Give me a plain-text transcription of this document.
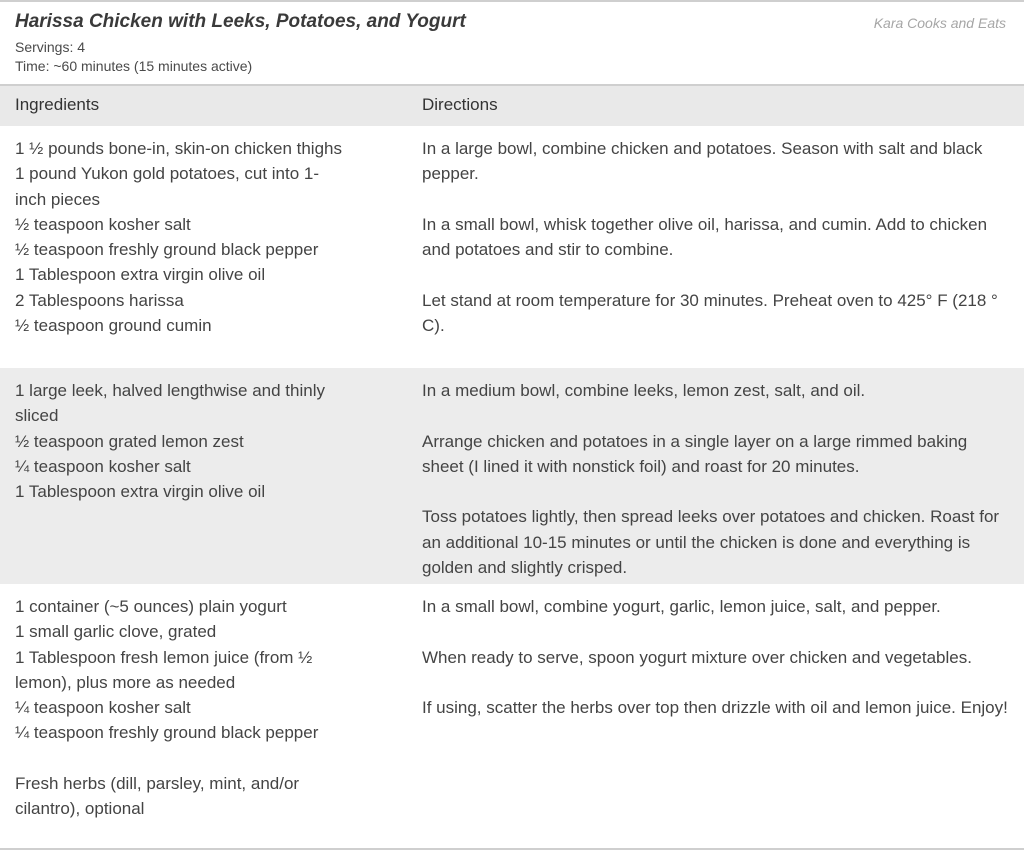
Harissa Chicken with Leeks, Potatoes, and Yogurt	Kara Cooks and Eats
Servings: 4
Time: ~60 minutes (15 minutes active)
Ingredients	Directions
1 ½ pounds bone-in, skin-on chicken thighs
1 pound Yukon gold potatoes, cut into 1-
inch pieces
½ teaspoon kosher salt
½ teaspoon freshly ground black pepper
1 Tablespoon extra virgin olive oil
2 Tablespoons harissa
½ teaspoon ground cumin

In a large bowl, combine chicken and potatoes. Season with salt and black pepper.

In a small bowl, whisk together olive oil, harissa, and cumin. Add to chicken and potatoes and stir to combine.

Let stand at room temperature for 30 minutes. Preheat oven to 425° F (218 ° C).

1 large leek, halved lengthwise and thinly
sliced
½ teaspoon grated lemon zest
¼ teaspoon kosher salt
1 Tablespoon extra virgin olive oil

In a medium bowl, combine leeks, lemon zest, salt, and oil.

Arrange chicken and potatoes in a single layer on a large rimmed baking sheet (I lined it with nonstick foil) and roast for 20 minutes.

Toss potatoes lightly, then spread leeks over potatoes and chicken. Roast for an additional 10-15 minutes or until the chicken is done and everything is golden and slightly crisped.

1 container (~5 ounces) plain yogurt
1 small garlic clove, grated
1 Tablespoon fresh lemon juice (from ½
lemon), plus more as needed
¼ teaspoon kosher salt
¼ teaspoon freshly ground black pepper
Fresh herbs (dill, parsley, mint, and/or
cilantro), optional

In a small bowl, combine yogurt, garlic, lemon juice, salt, and pepper.

When ready to serve, spoon yogurt mixture over chicken and vegetables.

If using, scatter the herbs over top then drizzle with oil and lemon juice. Enjoy!
